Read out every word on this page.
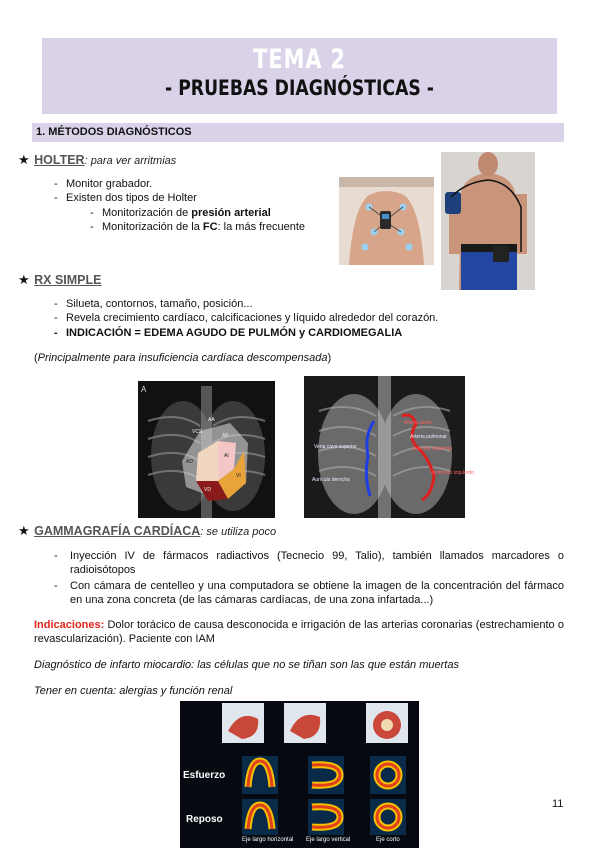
TEMA 2
- PRUEBAS DIAGNÓSTICAS -
1. MÉTODOS DIAGNÓSTICOS
★ HOLTER: para ver arritmias
- Monitor grabador.
- Existen dos tipos de Holter
- Monitorización de presión arterial
- Monitorización de la FC: la más frecuente
★ RX SIMPLE
- Silueta, contornos, tamaño, posición...
- Revela crecimiento cardíaco, calcificaciones y líquido alrededor del corazón.
- INDICACIÓN = EDEMA AGUDO DE PULMÓN y CARDIOMEGALIA
(Principalmente para insuficiencia cardíaca descompensada)
A
AA
VCS
AD
AP
AI
VI
VD
Vena cava superior
Aurícula derecha
Arteria aorta
Arteria pulmonar
Aurícula izquierda
Ventrículo izquierdo
★ GAMMAGRAFÍA CARDÍACA: se utiliza poco
-	Inyección IV de fármacos radiactivos (Tecnecio 99, Talio), también llamados marcadores o radioisótopos
-	Con cámara de centelleo y una computadora se obtiene la imagen de la concentración del fármaco en una zona concreta (de las cámaras cardíacas, de una zona infartada...)
Indicaciones: Dolor torácico de causa desconocida e irrigación de las arterias coronarias (estrechamiento o revascularización). Paciente con IAM
Diagnóstico de infarto miocardio: las células que no se tiñan son las que están muertas
Tener en cuenta: alergias y función renal
Esfuerzo
Reposo
Eje largo horizontal Eje largo vertical	Eje corto
11
